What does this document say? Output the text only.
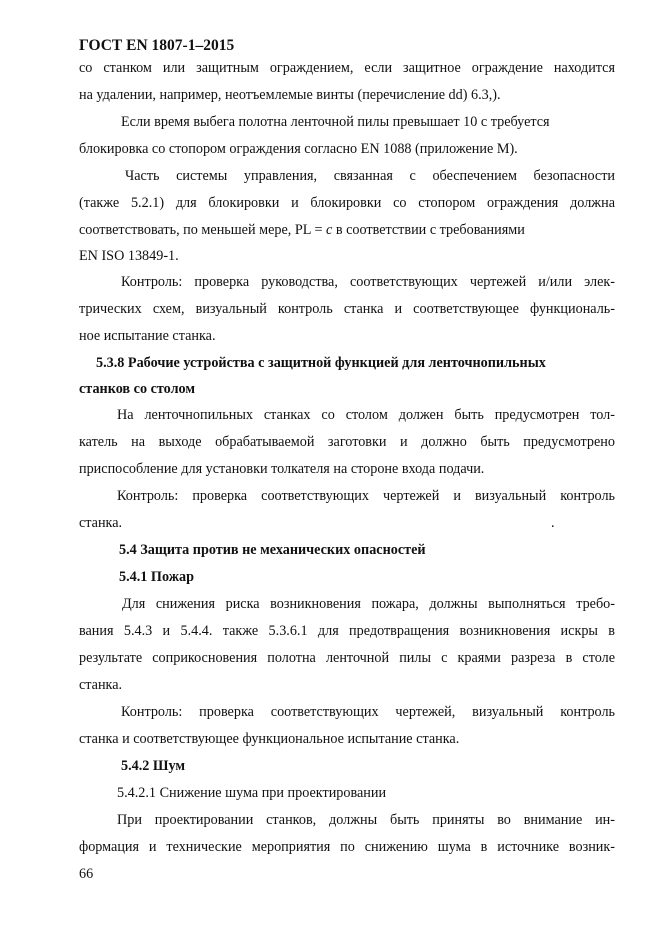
ГОСТ EN 1807-1–2015
со станком или защитным ограждением, если защитное ограждение находится
на удалении, например, неотъемлемые винты (перечисление dd) 6.3,).
Если время выбега полотна ленточной пилы превышает 10 с требуется
блокировка со стопором ограждения согласно EN 1088 (приложение M).
Часть системы управления, связанная с обеспечением безопасности
(также 5.2.1) для блокировки и блокировки со стопором ограждения должна
соответствовать, по меньшей мере, PL = c в соответствии с требованиями
EN ISO 13849-1.
Контроль: проверка руководства, соответствующих чертежей и/или элек-
трических схем, визуальный контроль станка и соответствующее функциональ-
ное испытание станка.
5.3.8 Рабочие устройства с защитной функцией для ленточнопильных
станков со столом
На ленточнопильных станках со столом должен быть предусмотрен тол-
катель на выходе обрабатываемой заготовки и должно быть предусмотрено
приспособление для установки толкателя на стороне входа подачи.
Контроль: проверка соответствующих чертежей и визуальный контроль
станка.	.
5.4 Защита против не механических опасностей
5.4.1 Пожар
Для снижения риска возникновения пожара, должны выполняться требо-
вания 5.4.3 и 5.4.4. также 5.3.6.1 для предотвращения возникновения искры в
результате соприкосновения полотна ленточной пилы с краями разреза в столе
станка.
Контроль: проверка соответствующих чертежей, визуальный контроль
станка и соответствующее функциональное испытание станка.
5.4.2 Шум
5.4.2.1 Снижение шума при проектировании
При проектировании станков, должны быть приняты во внимание ин-
формация и технические мероприятия по снижению шума в источнике возник-
66
